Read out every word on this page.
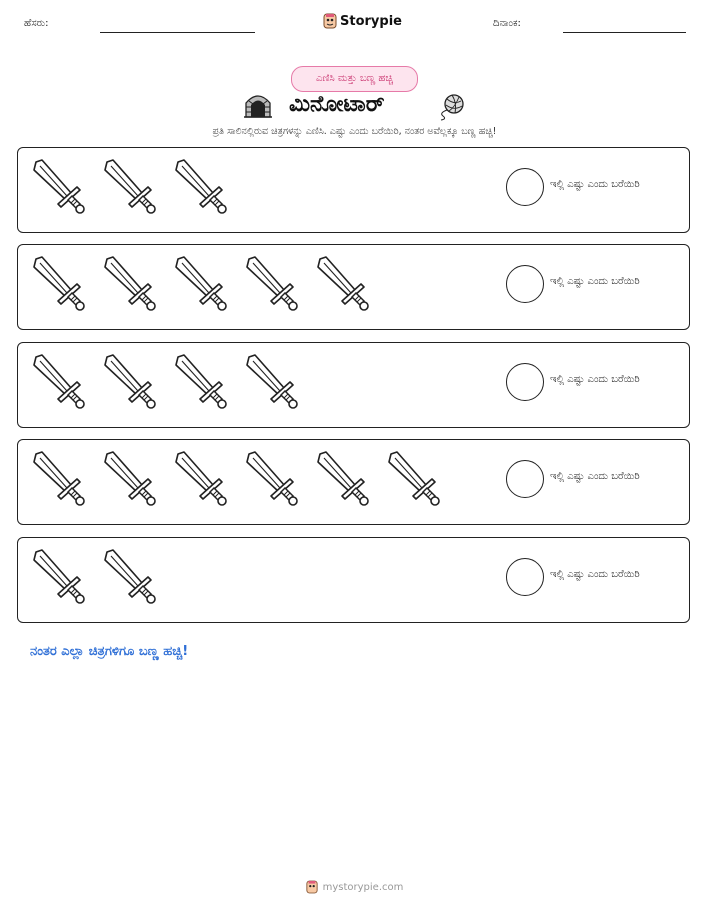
ಹೆಸರು:	Storypie	ದಿನಾಂಕ:
ಎಣಿಸಿ ಮತ್ತು ಬಣ್ಣ ಹಚ್ಚಿ
ಮಿನೋಟಾರ್
ಪ್ರತಿ ಸಾಲಿನಲ್ಲಿರುವ ಚಿತ್ರಗಳನ್ನು ಎಣಿಸಿ. ಎಷ್ಟು ಎಂದು ಬರೆಯಿರಿ, ನಂತರ ಅವೆಲ್ಲಕ್ಕೂ ಬಣ್ಣ ಹಚ್ಚಿ!
ಇಲ್ಲಿ ಎಷ್ಟು ಎಂದು ಬರೆಯಿರಿ
ಇಲ್ಲಿ ಎಷ್ಟು ಎಂದು ಬರೆಯಿರಿ
ಇಲ್ಲಿ ಎಷ್ಟು ಎಂದು ಬರೆಯಿರಿ
ಇಲ್ಲಿ ಎಷ್ಟು ಎಂದು ಬರೆಯಿರಿ
ಇಲ್ಲಿ ಎಷ್ಟು ಎಂದು ಬರೆಯಿರಿ
ನಂತರ ಎಲ್ಲಾ ಚಿತ್ರಗಳಿಗೂ ಬಣ್ಣ ಹಚ್ಚಿ!
mystorypie.com
